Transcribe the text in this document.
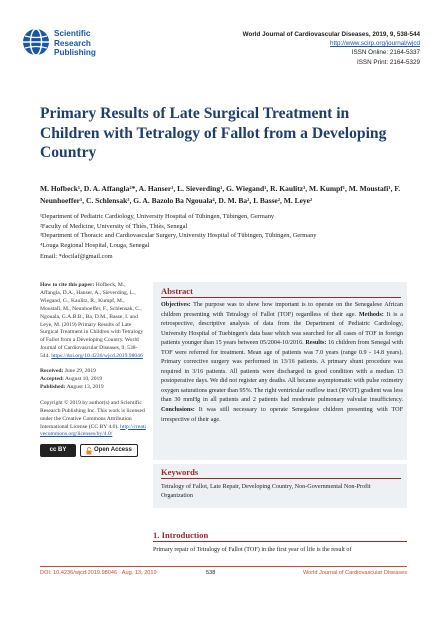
Scientific
Research
Publishing
World Journal of Cardiovascular Diseases, 2019, 9, 538-544
http://www.scirp.org/journal/wjcd
ISSN Online: 2164-5337
ISSN Print: 2164-5329
Primary Results of Late Surgical Treatment in Children with Tetralogy of Fallot from a Developing Country
M. Hofbeck¹, D. A. Affangla²*, A. Hanser¹, L. Sieverding¹, G. Wiegand¹, R. Kaulitz³, M. Kumpf¹, M. Moustafi¹, F. Neunhoeffer¹, C. Schlensak³, G. A. Bazolo Ba Ngouala⁴, D. M. Ba², I. Basse², M. Leye²
¹Department of Pediatric Cardiology, University Hospital of Tübingen, Tübingen, Germany
²Faculty of Medicine, University of Thiès, Thiès, Senegal
³Department of Thoracic and Cardiovascular Surgery, University Hospital of Tübingen, Tübingen, Germany
⁴Louga Regional Hospital, Louga, Senegal
Email: *docilaf@gmail.com
How to cite this paper: Hofbeck, M., Affangla, D.A., Hanser, A., Sieverding, L., Wiegand, G., Kaulitz, R., Kumpf, M., Moustafi, M., Neunhoeffer, F., Schlensak, C., Ngouala, G.A.B.B., Ba, D.M., Basse, I. and Leye, M. (2019) Primary Results of Late Surgical Treatment in Children with Tetralogy of Fallot from a Developing Country. World Journal of Cardiovascular Diseases, 9, 538-544. https://doi.org/10.4236/wjcd.2019.98046
Received: June 29, 2019
Accepted: August 10, 2019
Published: August 13, 2019
Copyright © 2019 by author(s) and Scientific Research Publishing Inc. This work is licensed under the Creative Commons Attribution International License (CC BY 4.0). http://creativecommons.org/licenses/by/4.0/
cc BY	Open Access
Abstract
Objectives: The purpose was to show how important is to operate on the Senegalese African children presenting with Tetralogy of Fallot (TOF) regardless of their age. Methods: It is a retrospective, descriptive analysis of data from the Department of Pediatric Cardiology, University Hospital of Tuebingen's data base which was searched for all cases of TOF in foreign patients younger than 15 years between 05/2004-10/2016. Results: 16 children from Senegal with TOF were referred for treatment. Mean age of patients was 7.0 years (range 0.9 - 14.8 years). Primary corrective surgery was performed in 13/16 patients. A primary shunt procedure was required in 3/16 patients. All patients were discharged in good condition with a median 13 postoperative days. We did not register any deaths. All became asymptomatic with pulse oximetry oxygen saturations greater than 95%. The right ventricular outflow tract (RVOT) gradient was less than 30 mmHg in all patients and 2 patients had moderate pulmonary valvular insufficiency. Conclusions: It was still necessary to operate Senegalese children presenting with TOF irrespective of their age.
Keywords
Tetralogy of Fallot, Late Repair, Developing Country, Non-Governmental Non-Profit Organization
1. Introduction
Primary repair of Tetralogy of Fallot (TOF) in the first year of life is the result of
DOI: 10.4236/wjcd.2019.98046 Aug. 13, 2019	538	World Journal of Cardiovascular Diseases
